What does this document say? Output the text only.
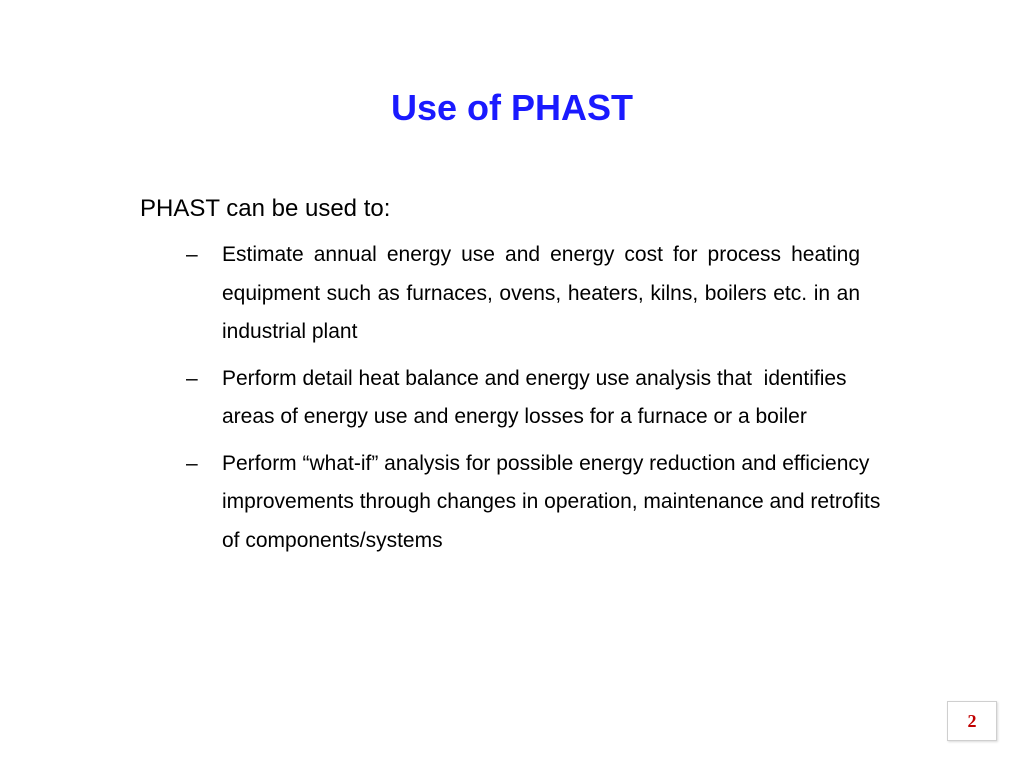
Use of PHAST

PHAST can be used to:

–	Estimate annual energy use and energy cost for process heating equipment such as furnaces, ovens, heaters, kilns, boilers etc. in an industrial plant
–	Perform detail heat balance and energy use analysis that  identifies areas of energy use and energy losses for a furnace or a boiler
–	Perform “what-if” analysis for possible energy reduction and efficiency improvements through changes in operation, maintenance and retrofits of components/systems
2
